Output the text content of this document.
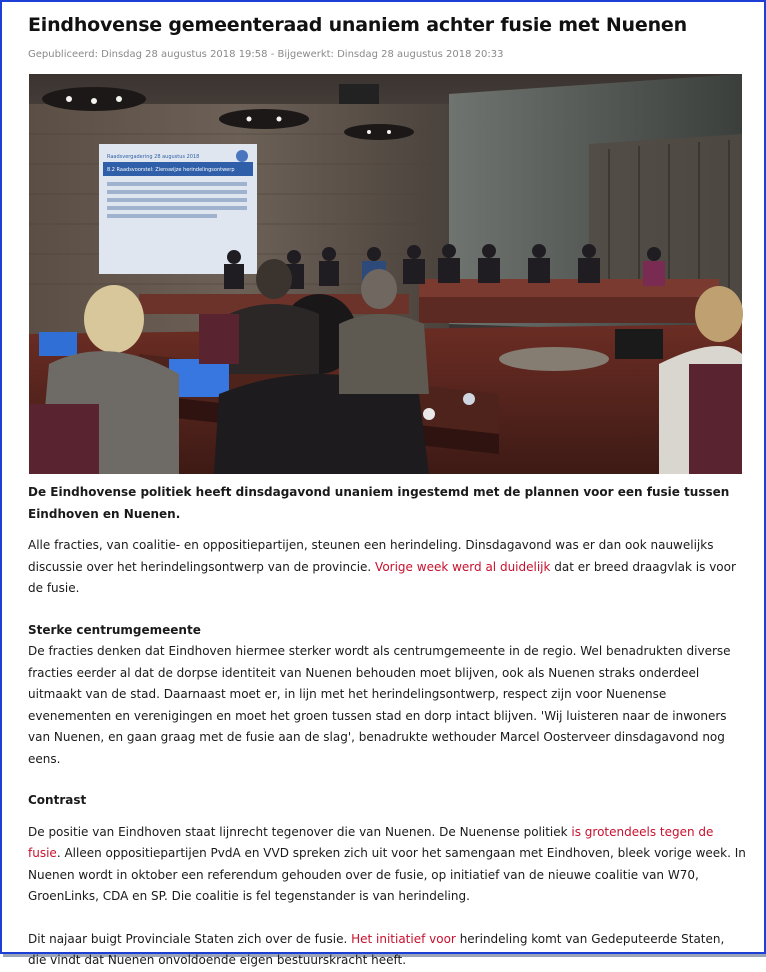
Eindhovense gemeenteraad unaniem achter fusie met Nuenen
Gepubliceerd: Dinsdag 28 augustus 2018 19:58 - Bijgewerkt: Dinsdag 28 augustus 2018 20:33
Raadsvergadering 28 augustus 2018
8.2 Raadsvoorstel: Zienswijze herindelingsontwerp

De Eindhovense politiek heeft dinsdagavond unaniem ingestemd met de plannen voor een fusie tussen Eindhoven en Nuenen.

Alle fracties, van coalitie- en oppositiepartijen, steunen een herindeling. Dinsdagavond was er dan ook nauwelijks discussie over het herindelingsontwerp van de provincie. Vorige week werd al duidelijk dat er breed draagvlak is voor de fusie.

Sterke centrumgemeente

De fracties denken dat Eindhoven hiermee sterker wordt als centrumgemeente in de regio. Wel benadrukten diverse fracties eerder al dat de dorpse identiteit van Nuenen behouden moet blijven, ook als Nuenen straks onderdeel uitmaakt van de stad. Daarnaast moet er, in lijn met het herindelingsontwerp, respect zijn voor Nuenense evenementen en verenigingen en moet het groen tussen stad en dorp intact blijven. 'Wij luisteren naar de inwoners van Nuenen, en gaan graag met de fusie aan de slag', benadrukte wethouder Marcel Oosterveer dinsdagavond nog eens.

Contrast

De positie van Eindhoven staat lijnrecht tegenover die van Nuenen. De Nuenense politiek is grotendeels tegen de fusie. Alleen oppositiepartijen PvdA en VVD spreken zich uit voor het samengaan met Eindhoven, bleek vorige week. In Nuenen wordt in oktober een referendum gehouden over de fusie, op initiatief van de nieuwe coalitie van W70, GroenLinks, CDA en SP. Die coalitie is fel tegenstander is van herindeling.

Dit najaar buigt Provinciale Staten zich over de fusie. Het initiatief voor herindeling komt van Gedeputeerde Staten, die vindt dat Nuenen onvoldoende eigen bestuurskracht heeft.
